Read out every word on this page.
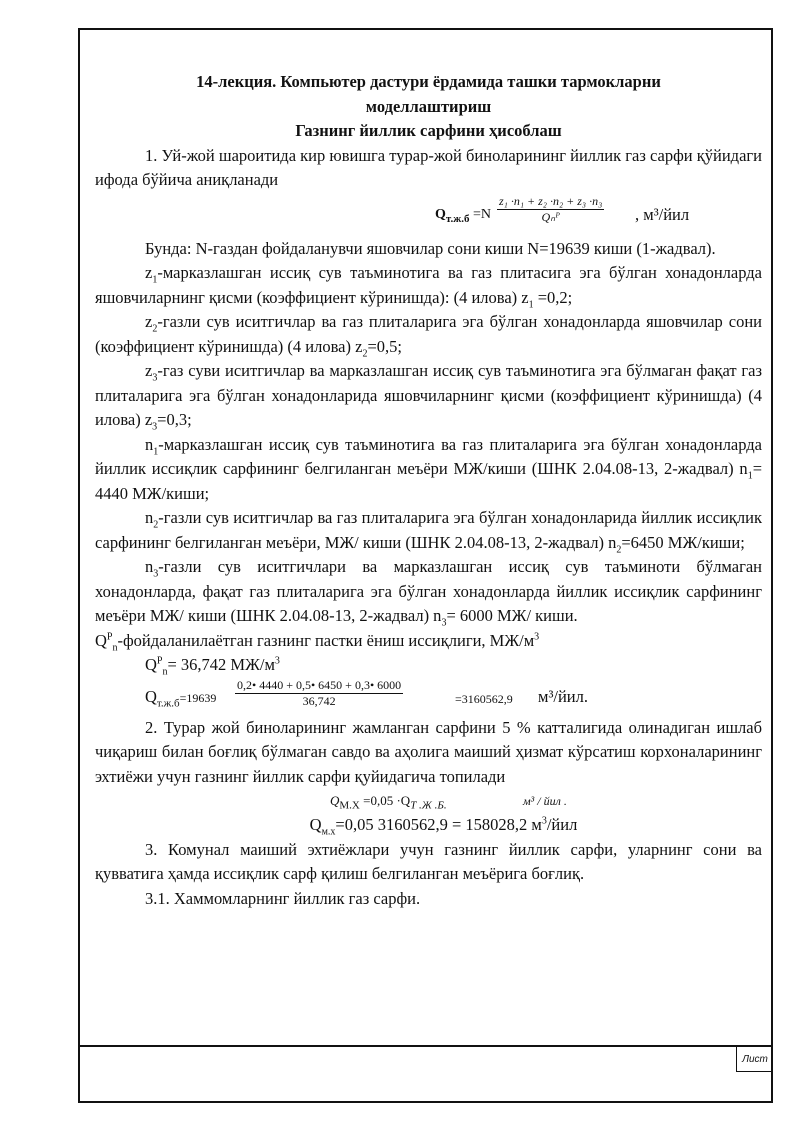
14-лекция. Компьютер дастури ёрдамида ташки тармокларни
моделлаштириш
Газнинг йиллик сарфини ҳисоблаш

1. Уй-жой шароитида кир ювишга турар-жой биноларининг йиллик газ сарфи қўйидаги ифода бўйича аниқланади

$Q_{т.ж.б} =N$
z₁ ·n₁ + z₂ ·n₂ + z₃ ·n₃
Qₙᴾ	, м³/йил

Бунда: N-газдан фойдаланувчи яшовчилар сони киши N=19639 киши (1-жадвал).

$z_1$-марказлашган иссиқ сув таъминотига ва газ плитасига эга бўлган хонадонларда яшовчиларнинг қисми (коэффициент кўринишда): (4 илова) $z_1 =0,2$;

$z_2$-газли сув иситгичлар ва газ плиталарига эга бўлган хонадонларда яшовчилар сони (коэффициент кўринишда) (4 илова) $z_2=0,5$;

$z_3$-газ суви иситгичлар ва марказлашган иссиқ сув таъминотига эга бўлмаган фақат газ плиталарига эга бўлган хонадонларида яшовчиларнинг қисми (коэффициент кўринишда) (4 илова) $z_3=0,3$;

$n_1$-марказлашган иссиқ сув таъминотига ва газ плиталарига эга бўлган хонадонларда йиллик иссиқлик сарфининг белгиланган меъёри МЖ/киши (ШНК 2.04.08-13, 2-жадвал) $n_1= 4440$ МЖ/киши;

$n_2$-газли сув иситгичлар ва газ плиталарига эга бўлган хонадонларида йиллик иссиқлик сарфининг белгиланган меъёри, МЖ/ киши (ШНК 2.04.08-13, 2-жадвал) $n_2=6450$ МЖ/киши;

$n_3$-газли сув иситгичлари ва марказлашган иссиқ сув таъминоти бўлмаган хонадонларда, фақат газ плиталарига эга бўлган хонадонларда йиллик иссиқлик сарфининг меъёри МЖ/ киши (ШНК 2.04.08-13, 2-жадвал) $n_3= 6000$ МЖ/ киши.

$Q^P_n$-фойдаланилаётган газнинг пастки ёниш иссиқлиги, $МЖ/м^3$

$Q^P_n= 36,742$ $МЖ/м^3$

$Q_{т.ж.б}=19639 \frac{0,2• 4440 + 0,5• 6450 + 0,3• 6000}{36,742}$	=3160562,9 м³/йил.

2. Турар жой биноларининг жамланган сарфини 5 % катталигида олинадиган ишлаб чиқариш билан боғлиқ бўлмаган савдо ва аҳолига маиший ҳизмат кўрсатиш корхоналарининг эхтиёжи учун газнинг йиллик сарфи қуйидагича топилади

$Q_{М.Х} =0,05 \cdot Q_{Т .Ж .Б.}$	м³ / йил .

$Q_{м.х}=0,05$ 3160562,9 = 158028,2 $м^3$/йил

3. Комунал маиший эхтиёжлари учун газнинг йиллик сарфи, уларнинг сони ва қувватига ҳамда иссиқлик сарф қилиш белгиланган меъёрига боғлиқ.

3.1. Хаммомларнинг йиллик газ сарфи.

Лист
